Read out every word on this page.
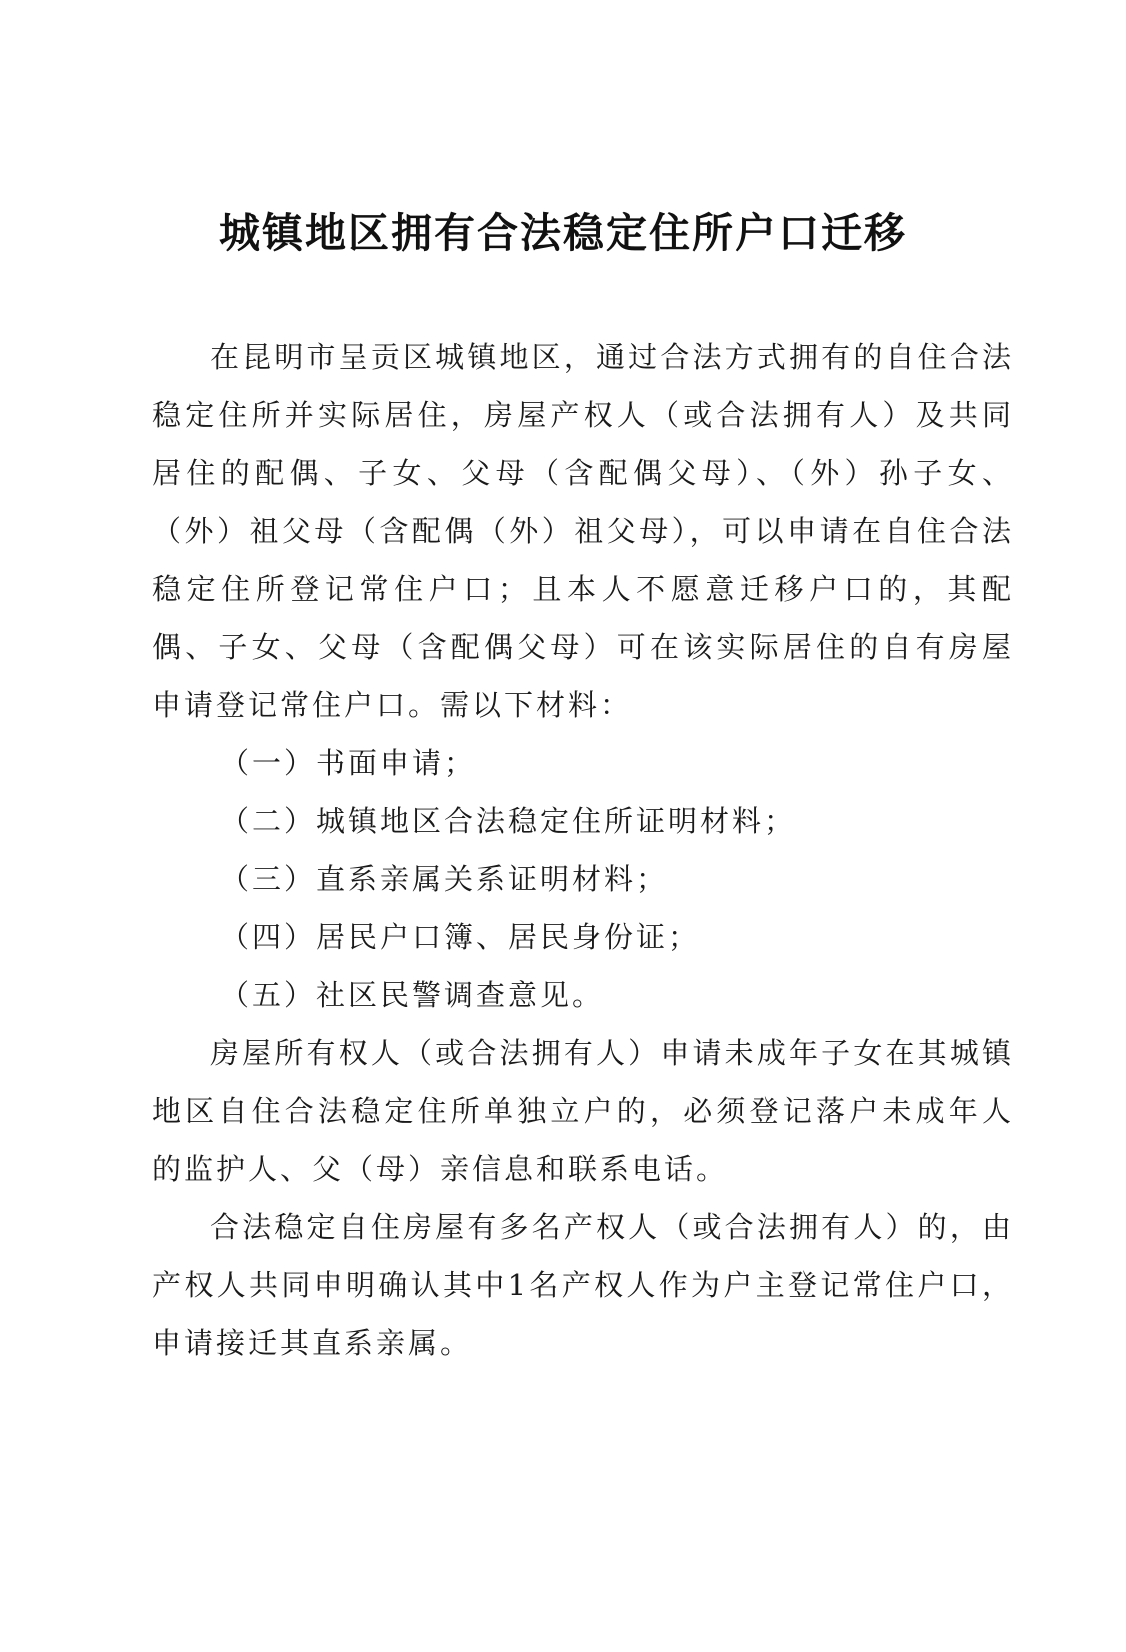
城镇地区拥有合法稳定住所户口迁移

在昆明市呈贡区城镇地区，通过合法方式拥有的自住合法稳定住所并实际居住，房屋产权人（或合法拥有人）及共同居住的配偶、子女、父母（含配偶父母）、（外）孙子女、（外）祖父母（含配偶（外）祖父母），可以申请在自住合法稳定住所登记常住户口；且本人不愿意迁移户口的，其配偶、子女、父母（含配偶父母）可在该实际居住的自有房屋申请登记常住户口。需以下材料：

（一）书面申请；

（二）城镇地区合法稳定住所证明材料；

（三）直系亲属关系证明材料；

（四）居民户口簿、居民身份证；

（五）社区民警调查意见。

房屋所有权人（或合法拥有人）申请未成年子女在其城镇地区自住合法稳定住所单独立户的，必须登记落户未成年人的监护人、父（母）亲信息和联系电话。

合法稳定自住房屋有多名产权人（或合法拥有人）的，由产权人共同申明确认其中1名产权人作为户主登记常住户口，申请接迁其直系亲属。
